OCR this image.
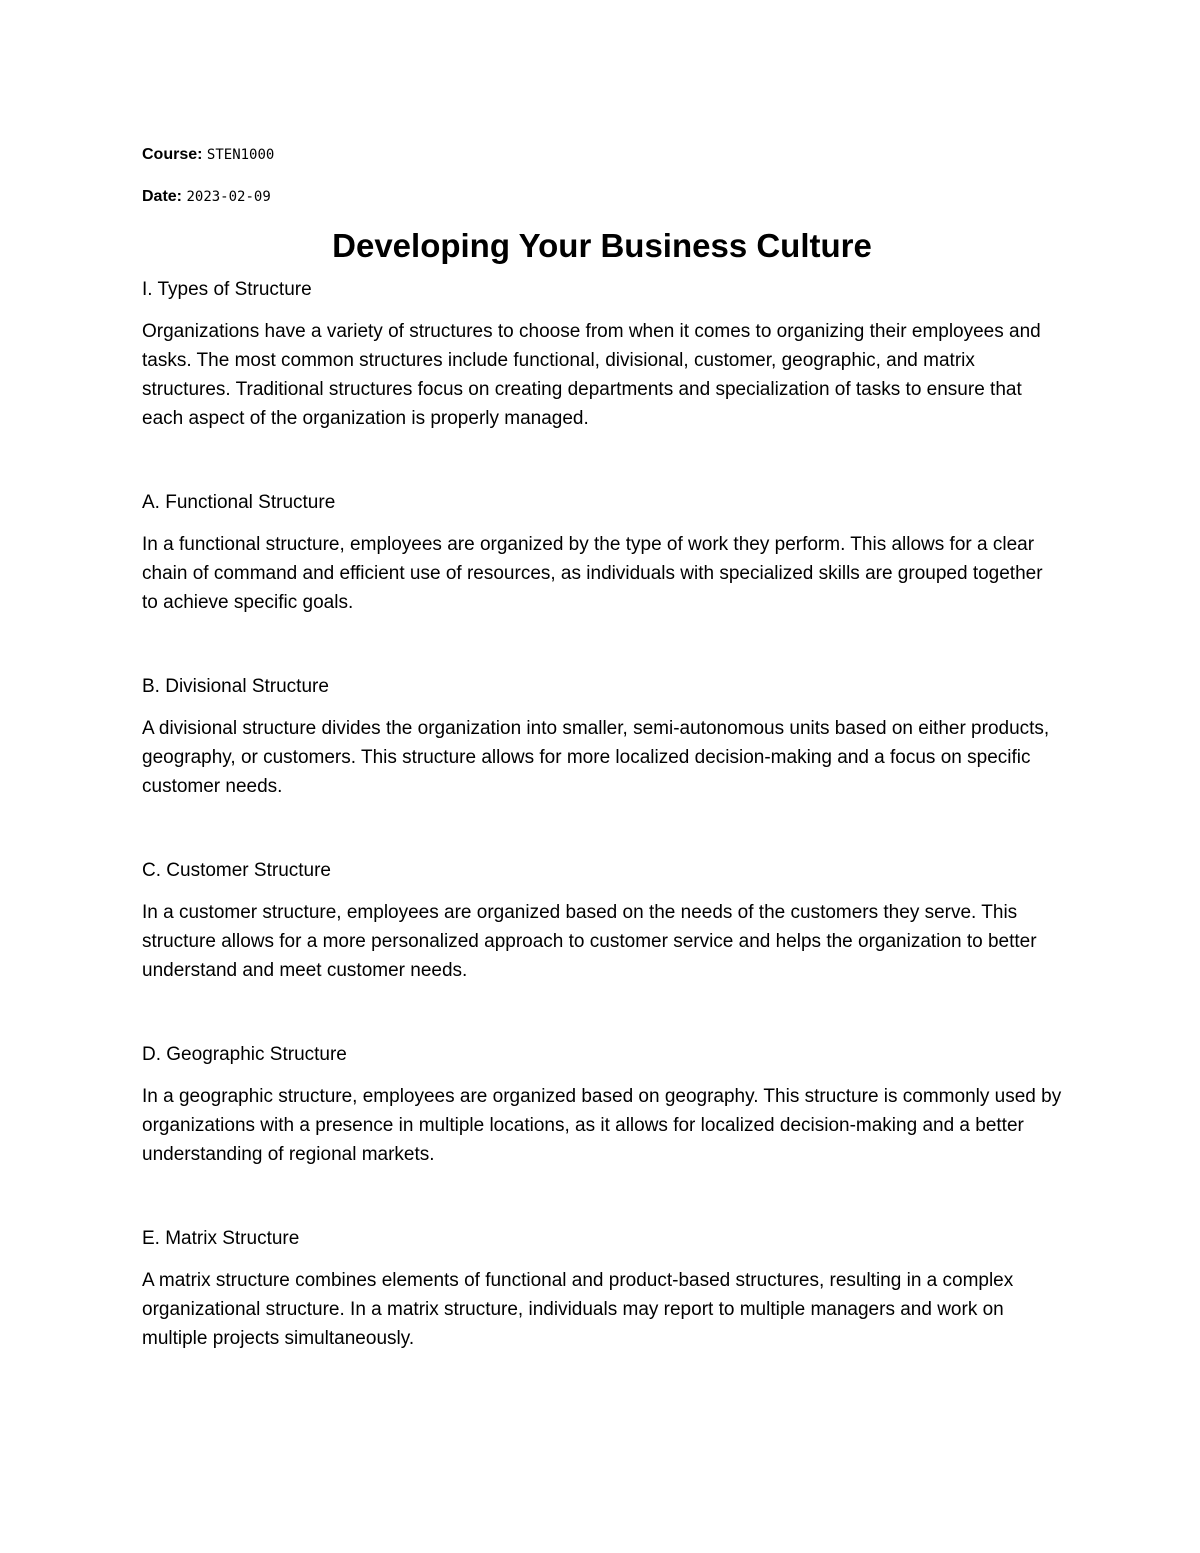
Course: STEN1000

Date: 2023-02-09

Developing Your Business Culture
I. Types of Structure

Organizations have a variety of structures to choose from when it comes to organizing their employees and tasks. The most common structures include functional, divisional, customer, geographic, and matrix structures. Traditional structures focus on creating departments and specialization of tasks to ensure that each aspect of the organization is properly managed.

A. Functional Structure

In a functional structure, employees are organized by the type of work they perform. This allows for a clear chain of command and efficient use of resources, as individuals with specialized skills are grouped together to achieve specific goals.

B. Divisional Structure

A divisional structure divides the organization into smaller, semi-autonomous units based on either products, geography, or customers. This structure allows for more localized decision-making and a focus on specific customer needs.

C. Customer Structure

In a customer structure, employees are organized based on the needs of the customers they serve. This structure allows for a more personalized approach to customer service and helps the organization to better understand and meet customer needs.

D. Geographic Structure

In a geographic structure, employees are organized based on geography. This structure is commonly used by organizations with a presence in multiple locations, as it allows for localized decision-making and a better understanding of regional markets.

E. Matrix Structure

A matrix structure combines elements of functional and product-based structures, resulting in a complex organizational structure. In a matrix structure, individuals may report to multiple managers and work on multiple projects simultaneously.
